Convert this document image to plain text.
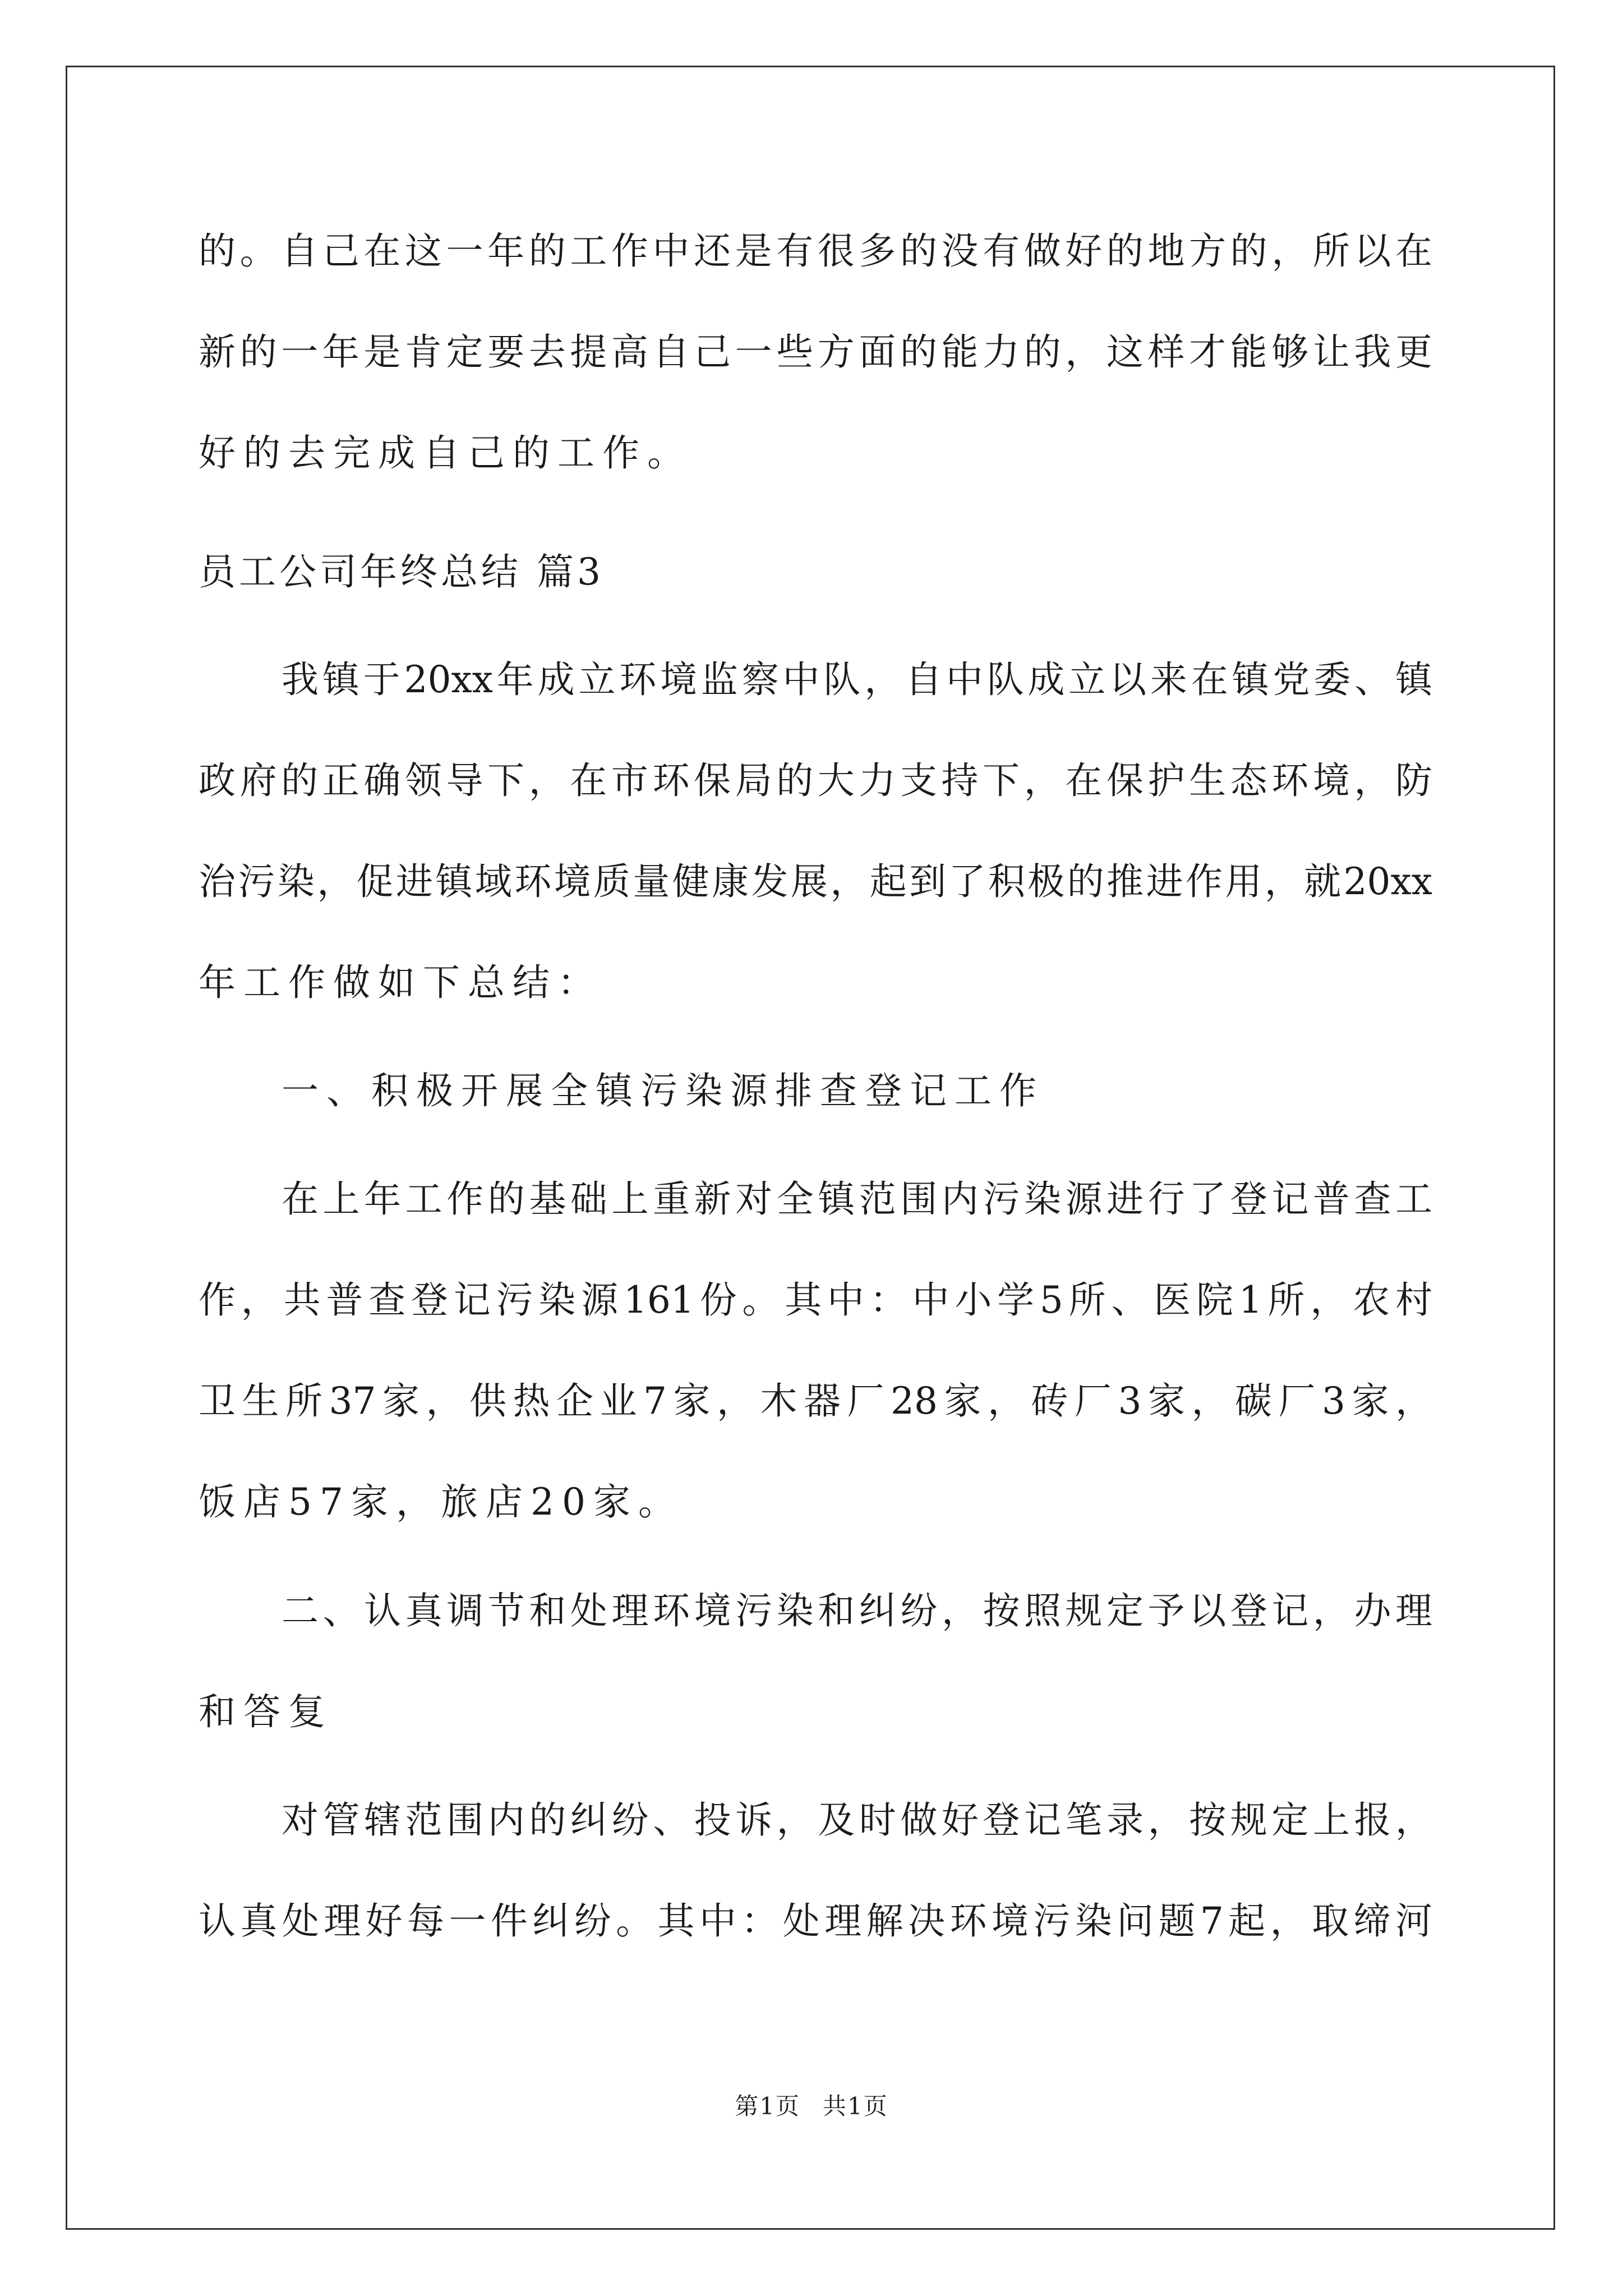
的。自己在这一年的工作中还是有很多的没有做好的地方的，所以在
新的一年是肯定要去提高自己一些方面的能力的，这样才能够让我更
好的去完成自己的工作。
员工公司年终总结 篇3
我镇于20xx年成立环境监察中队，自中队成立以来在镇党委、镇
政府的正确领导下，在市环保局的大力支持下，在保护生态环境，防
治污染，促进镇域环境质量健康发展，起到了积极的推进作用，就20xx
年工作做如下总结：
一、积极开展全镇污染源排查登记工作
在上年工作的基础上重新对全镇范围内污染源进行了登记普查工
作，共普查登记污染源161份。其中：中小学5所、医院1所，农村
卫生所37家，供热企业7家，木器厂28家，砖厂3家，碳厂3家，
饭店57家，旅店20家。
二、认真调节和处理环境污染和纠纷，按照规定予以登记，办理
和答复
对管辖范围内的纠纷、投诉，及时做好登记笔录，按规定上报，
认真处理好每一件纠纷。其中：处理解决环境污染问题7起，取缔河
第1页 共1页
